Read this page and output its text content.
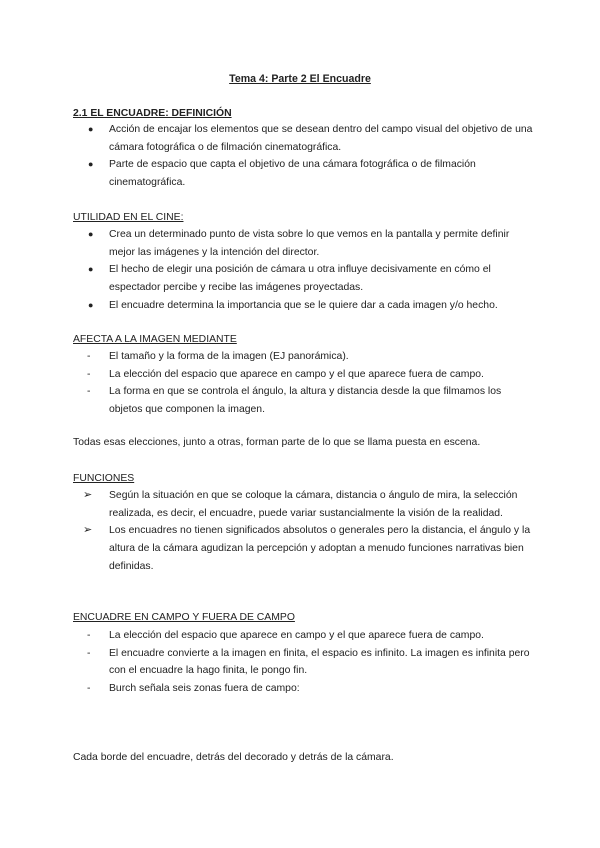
Tema 4: Parte 2 El Encuadre
2.1 EL ENCUADRE: DEFINICIÓN
●	Acción de encajar los elementos que se desean dentro del campo visual del objetivo de una cámara fotográfica o de filmación cinematográfica.
●	Parte de espacio que capta el objetivo de una cámara fotográfica o de filmación cinematográfica.
UTILIDAD EN EL CINE:
●	Crea un determinado punto de vista sobre lo que vemos en la pantalla y permite definir mejor las imágenes y la intención del director.
●	El hecho de elegir una posición de cámara u otra influye decisivamente en cómo el espectador percibe y recibe las imágenes proyectadas.
●	El encuadre determina la importancia que se le quiere dar a cada imagen y/o hecho.
AFECTA A LA IMAGEN MEDIANTE
-	El tamaño y la forma de la imagen (EJ panorámica).
-	La elección del espacio que aparece en campo y el que aparece fuera de campo.
-	La forma en que se controla el ángulo, la altura y distancia desde la que filmamos los objetos que componen la imagen.
Todas esas elecciones, junto a otras, forman parte de lo que se llama puesta en escena.
FUNCIONES
➢	Según la situación en que se coloque la cámara, distancia o ángulo de mira, la selección realizada, es decir, el encuadre, puede variar sustancialmente la visión de la realidad.
➢	Los encuadres no tienen significados absolutos o generales pero la distancia, el ángulo y la altura de la cámara agudizan la percepción y adoptan a menudo funciones narrativas bien definidas.
ENCUADRE EN CAMPO Y FUERA DE CAMPO
-	La elección del espacio que aparece en campo y el que aparece fuera de campo.
-	El encuadre convierte a la imagen en finita, el espacio es infinito. La imagen es infinita pero con el encuadre la hago finita, le pongo fin.
-	Burch señala seis zonas fuera de campo:
Cada borde del encuadre, detrás del decorado y detrás de la cámara.
